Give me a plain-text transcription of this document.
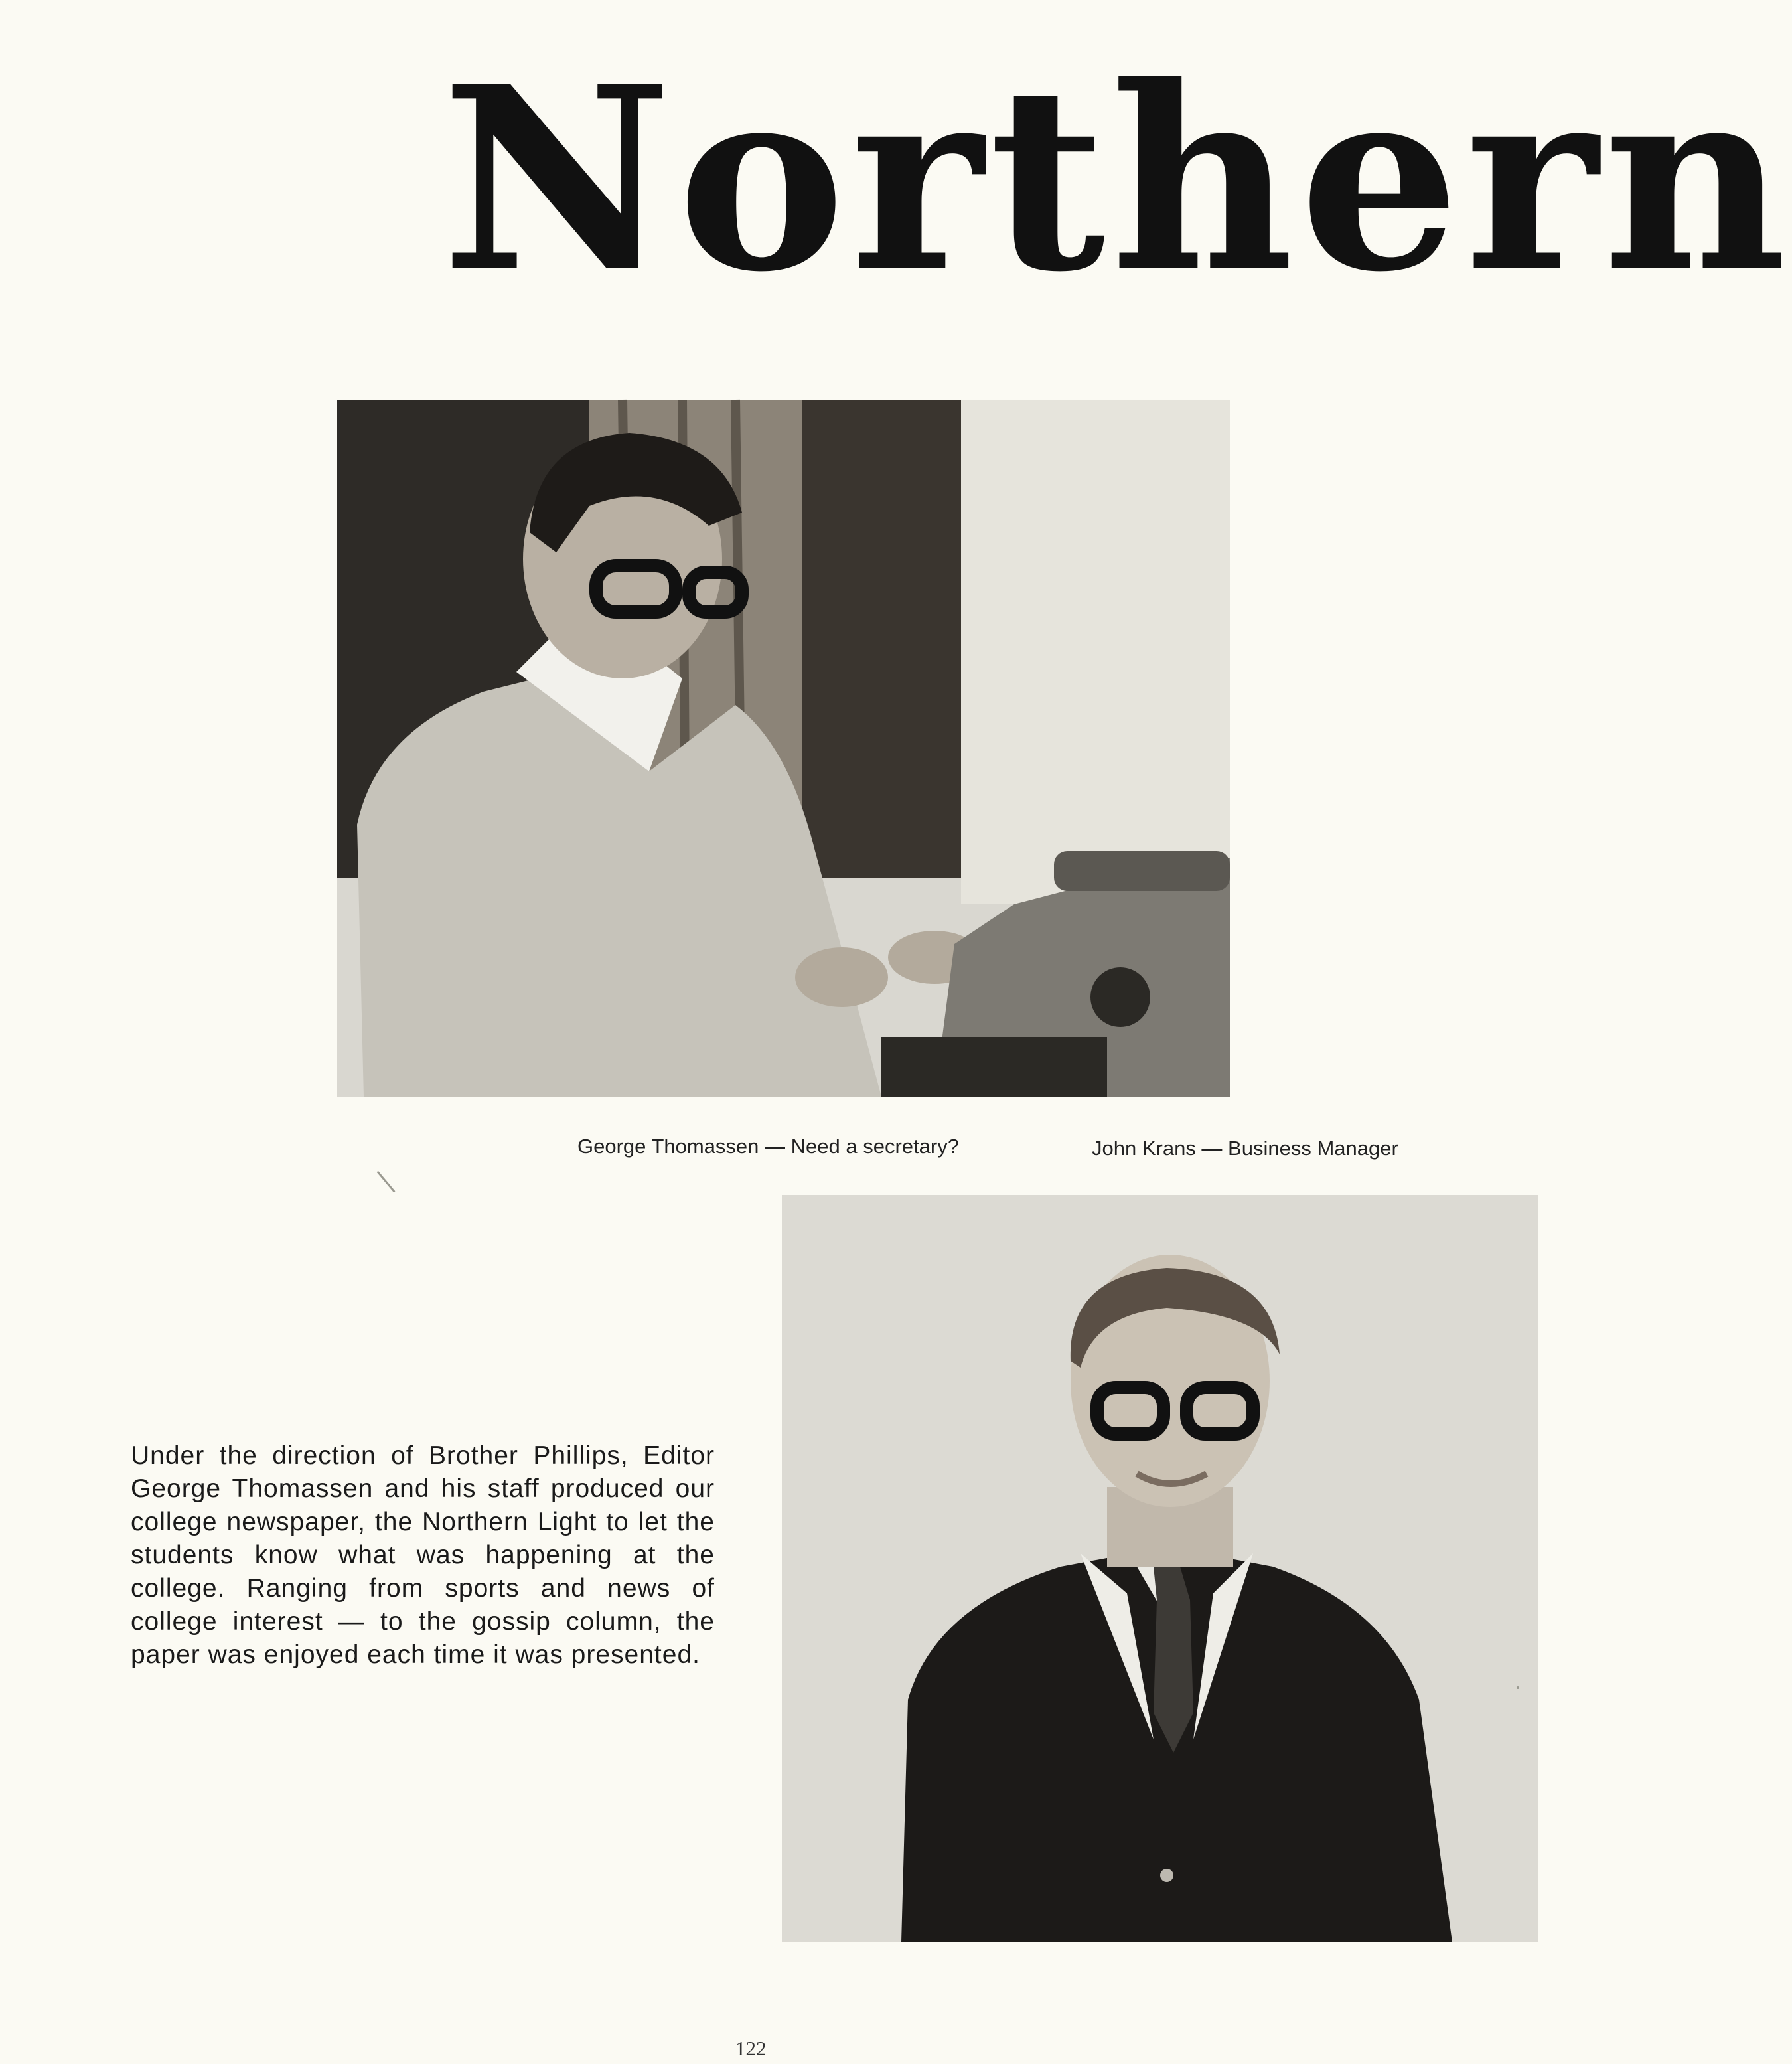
Northern
George Thomassen — Need a secretary?	John Krans — Business Manager
Under the direction of Brother Phillips, Editor George Thomassen and his staff produced our college newspaper, the Northern Light to let the students know what was happening at the college. Ranging from sports and news of college interest — to the gossip column, the paper was enjoyed each time it was presented.
122
